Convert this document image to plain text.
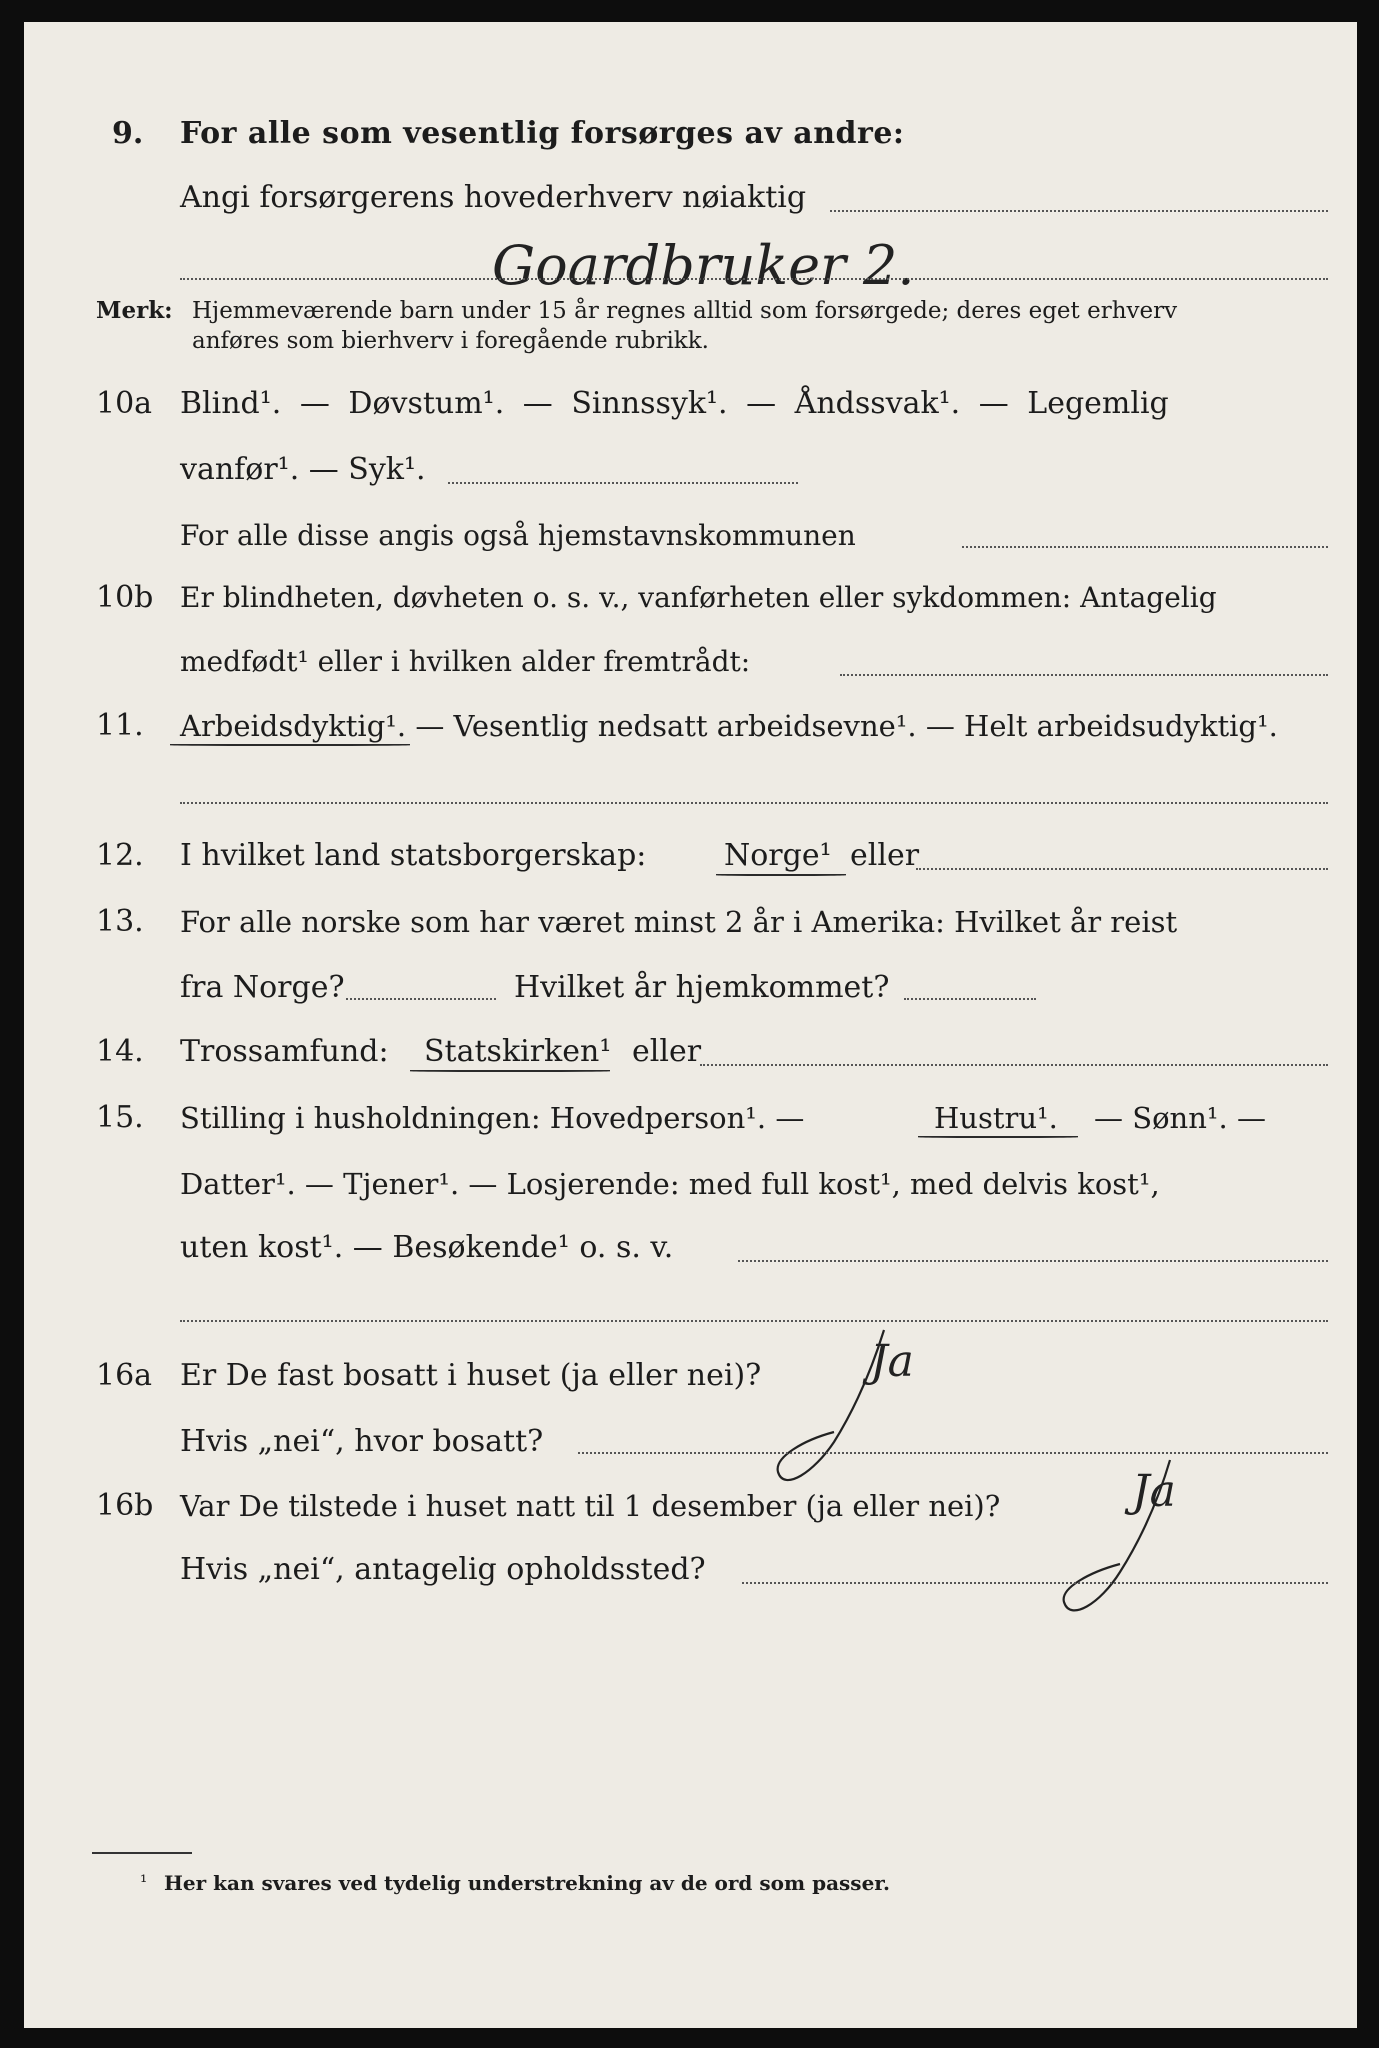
9. For alle som vesentlig forsørges av andre:
Angi forsørgerens hovederhverv nøiaktig
Goardbruker 2.
Merk: Hjemmeværende barn under 15 år regnes alltid som forsørgede; deres eget erhverv
anføres som bierhverv i foregående rubrikk.
10a Blind¹. — Døvstum¹. — Sinnssyk¹. — Åndssvak¹. — Legemlig
vanfør¹. — Syk¹.
For alle disse angis også hjemstavnskommunen
10b Er blindheten, døvheten o. s. v., vanførheten eller sykdommen: Antagelig
medfødt¹ eller i hvilken alder fremtrådt:
11. Arbeidsdyktig¹. — Vesentlig nedsatt arbeidsevne¹. — Helt arbeidsudyktig¹.
12. I hvilket land statsborgerskap:	Norge¹ eller
13. For alle norske som har været minst 2 år i Amerika: Hvilket år reist
fra Norge?	Hvilket år hjemkommet?
14. Trossamfund: Statskirken¹ eller
15. Stilling i husholdningen: Hovedperson¹. —	Hustru¹. — Sønn¹. —
Datter¹. — Tjener¹. — Losjerende: med full kost¹, med delvis kost¹,
uten kost¹. — Besøkende¹ o. s. v.
16a Er De fast bosatt i huset (ja eller nei)? Ja
Hvis „nei“, hvor bosatt?
16b Var De tilstede i huset natt til 1 desember (ja eller nei)?	Ja
Hvis „nei“, antagelig opholdssted?
¹ Her kan svares ved tydelig understrekning av de ord som passer.
